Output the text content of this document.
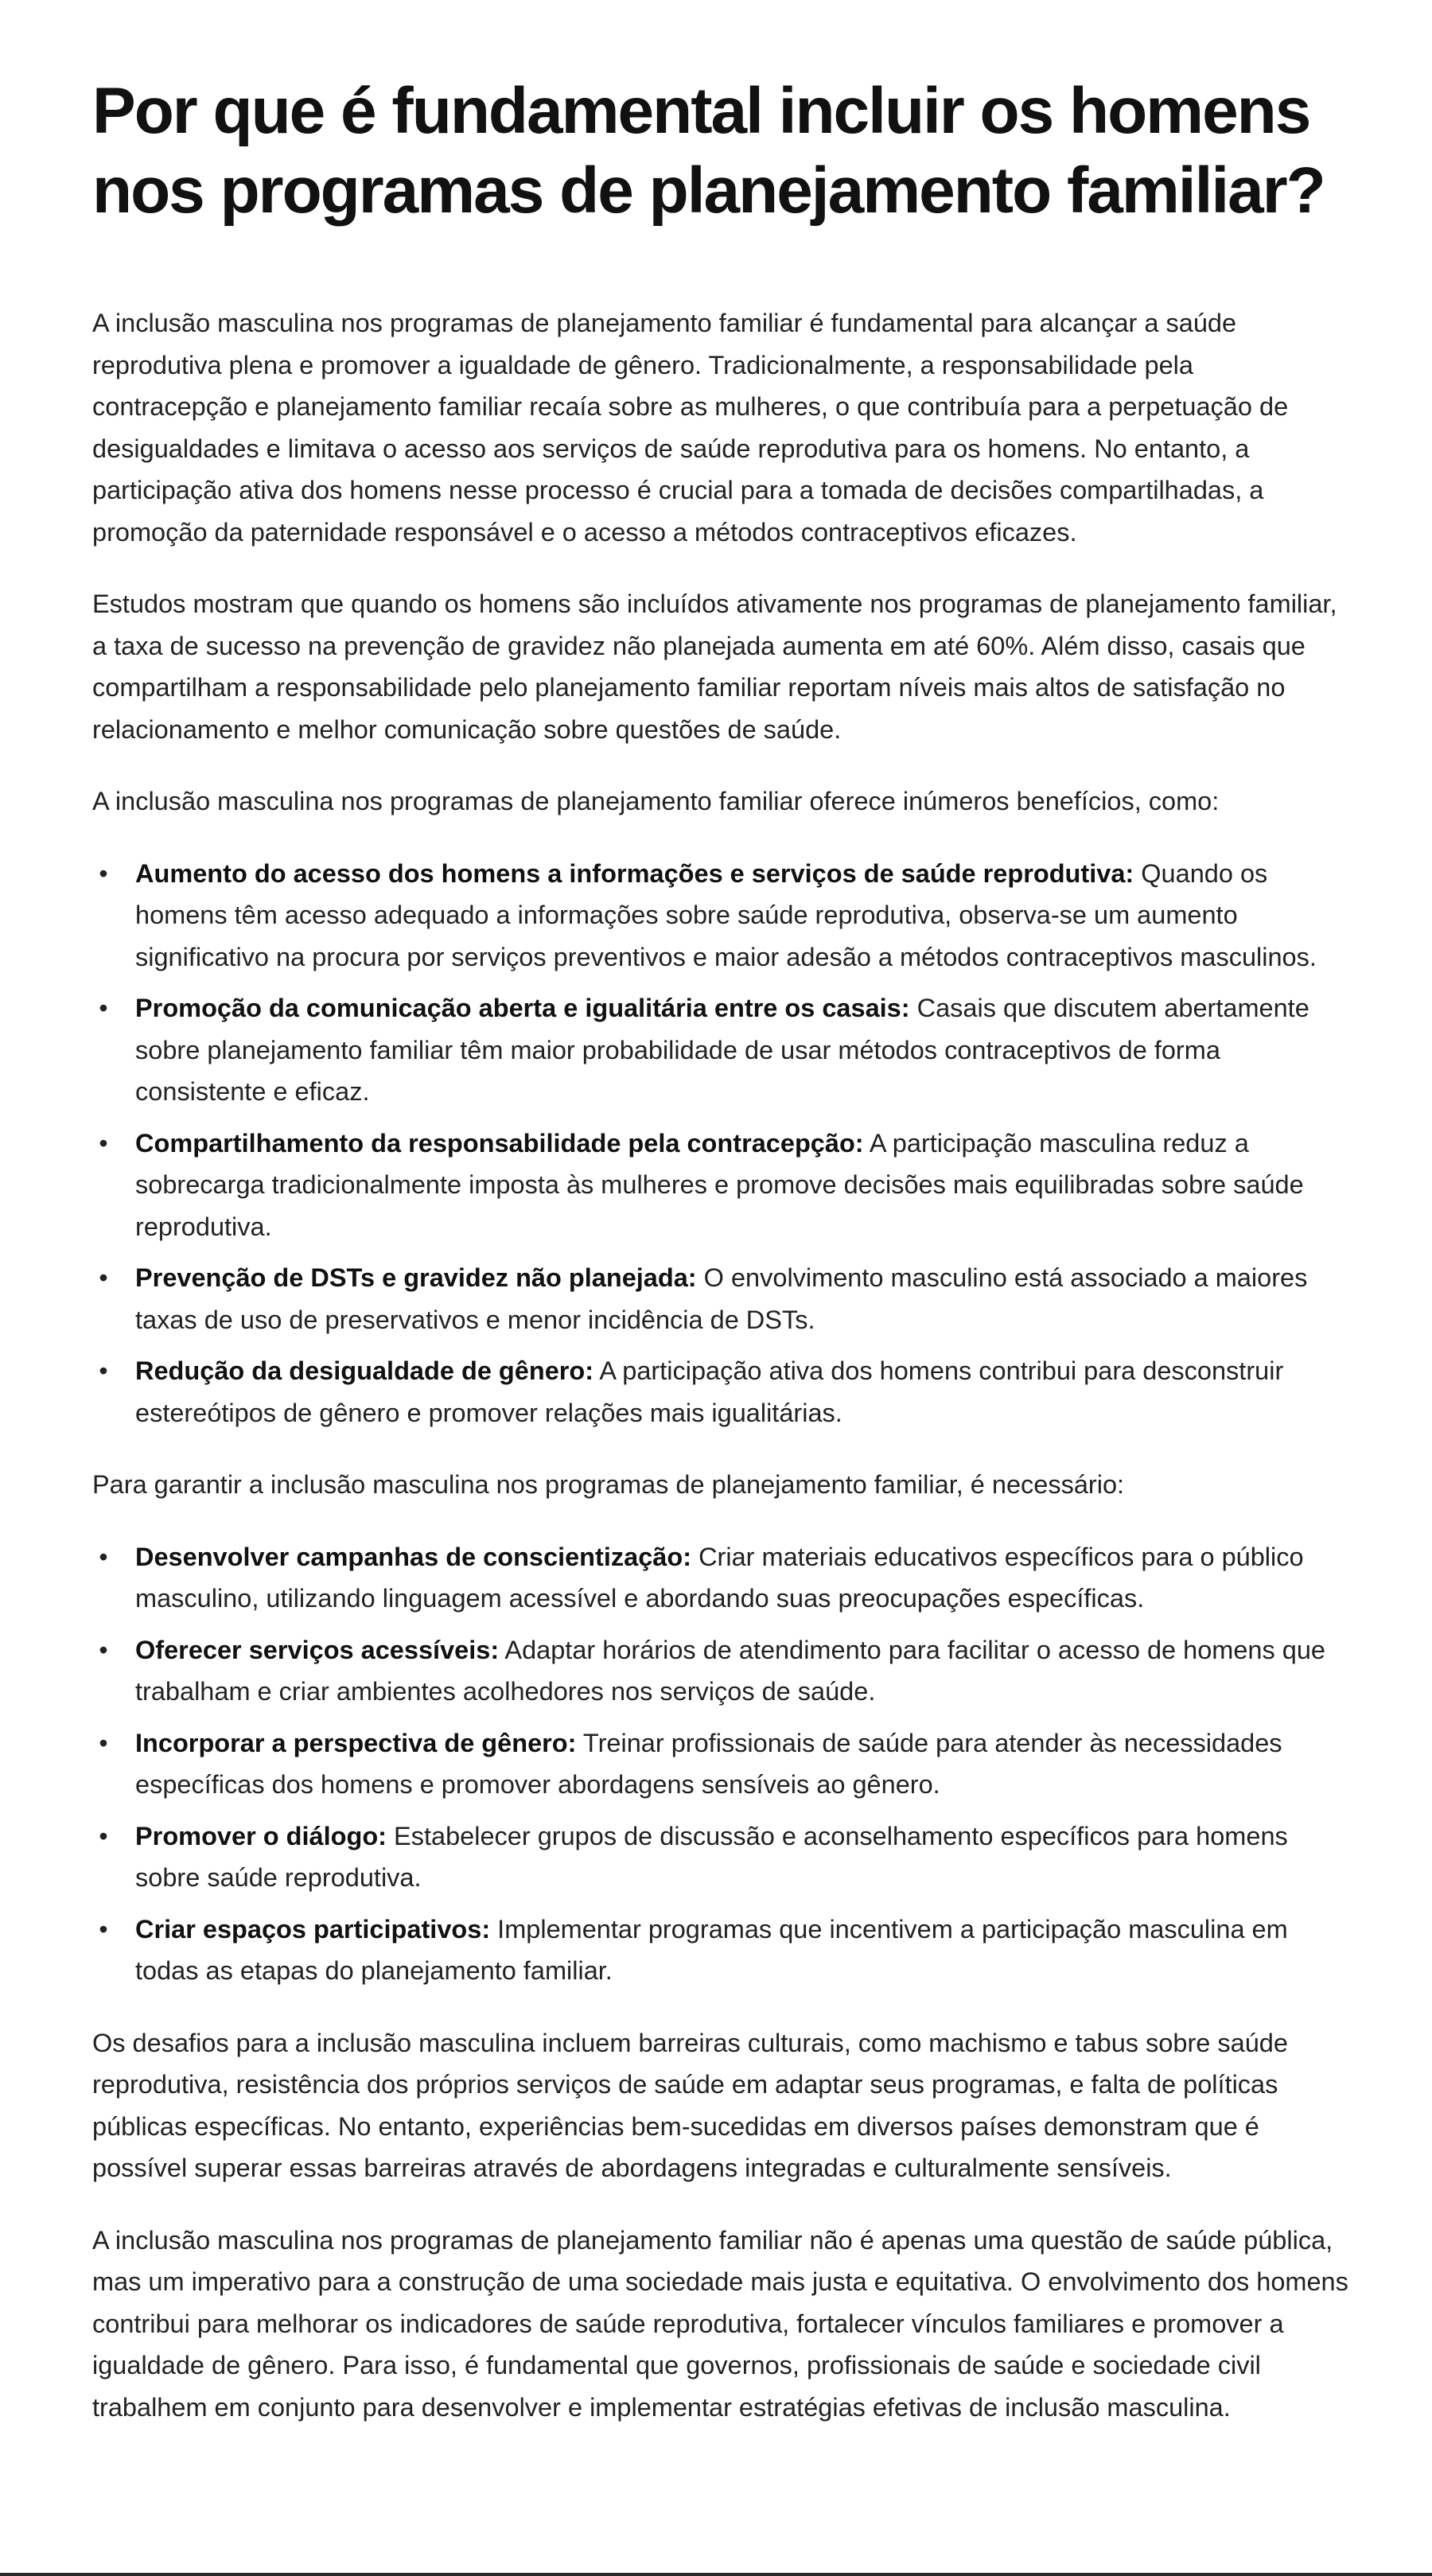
Por que é fundamental incluir os homens nos programas de planejamento familiar?

A inclusão masculina nos programas de planejamento familiar é fundamental para alcançar a saúde reprodutiva plena e promover a igualdade de gênero. Tradicionalmente, a responsabilidade pela contracepção e planejamento familiar recaía sobre as mulheres, o que contribuía para a perpetuação de desigualdades e limitava o acesso aos serviços de saúde reprodutiva para os homens. No entanto, a participação ativa dos homens nesse processo é crucial para a tomada de decisões compartilhadas, a promoção da paternidade responsável e o acesso a métodos contraceptivos eficazes.

Estudos mostram que quando os homens são incluídos ativamente nos programas de planejamento familiar, a taxa de sucesso na prevenção de gravidez não planejada aumenta em até 60%. Além disso, casais que compartilham a responsabilidade pelo planejamento familiar reportam níveis mais altos de satisfação no relacionamento e melhor comunicação sobre questões de saúde.

A inclusão masculina nos programas de planejamento familiar oferece inúmeros benefícios, como:

• Aumento do acesso dos homens a informações e serviços de saúde reprodutiva: Quando os homens têm acesso adequado a informações sobre saúde reprodutiva, observa-se um aumento significativo na procura por serviços preventivos e maior adesão a métodos contraceptivos masculinos.
• Promoção da comunicação aberta e igualitária entre os casais: Casais que discutem abertamente sobre planejamento familiar têm maior probabilidade de usar métodos contraceptivos de forma consistente e eficaz.
• Compartilhamento da responsabilidade pela contracepção: A participação masculina reduz a sobrecarga tradicionalmente imposta às mulheres e promove decisões mais equilibradas sobre saúde reprodutiva.
• Prevenção de DSTs e gravidez não planejada: O envolvimento masculino está associado a maiores taxas de uso de preservativos e menor incidência de DSTs.
• Redução da desigualdade de gênero: A participação ativa dos homens contribui para desconstruir estereótipos de gênero e promover relações mais igualitárias.

Para garantir a inclusão masculina nos programas de planejamento familiar, é necessário:

• Desenvolver campanhas de conscientização: Criar materiais educativos específicos para o público masculino, utilizando linguagem acessível e abordando suas preocupações específicas.
• Oferecer serviços acessíveis: Adaptar horários de atendimento para facilitar o acesso de homens que trabalham e criar ambientes acolhedores nos serviços de saúde.
• Incorporar a perspectiva de gênero: Treinar profissionais de saúde para atender às necessidades específicas dos homens e promover abordagens sensíveis ao gênero.
• Promover o diálogo: Estabelecer grupos de discussão e aconselhamento específicos para homens sobre saúde reprodutiva.
• Criar espaços participativos: Implementar programas que incentivem a participação masculina em todas as etapas do planejamento familiar.

Os desafios para a inclusão masculina incluem barreiras culturais, como machismo e tabus sobre saúde reprodutiva, resistência dos próprios serviços de saúde em adaptar seus programas, e falta de políticas públicas específicas. No entanto, experiências bem-sucedidas em diversos países demonstram que é possível superar essas barreiras através de abordagens integradas e culturalmente sensíveis.

A inclusão masculina nos programas de planejamento familiar não é apenas uma questão de saúde pública, mas um imperativo para a construção de uma sociedade mais justa e equitativa. O envolvimento dos homens contribui para melhorar os indicadores de saúde reprodutiva, fortalecer vínculos familiares e promover a igualdade de gênero. Para isso, é fundamental que governos, profissionais de saúde e sociedade civil trabalhem em conjunto para desenvolver e implementar estratégias efetivas de inclusão masculina.
